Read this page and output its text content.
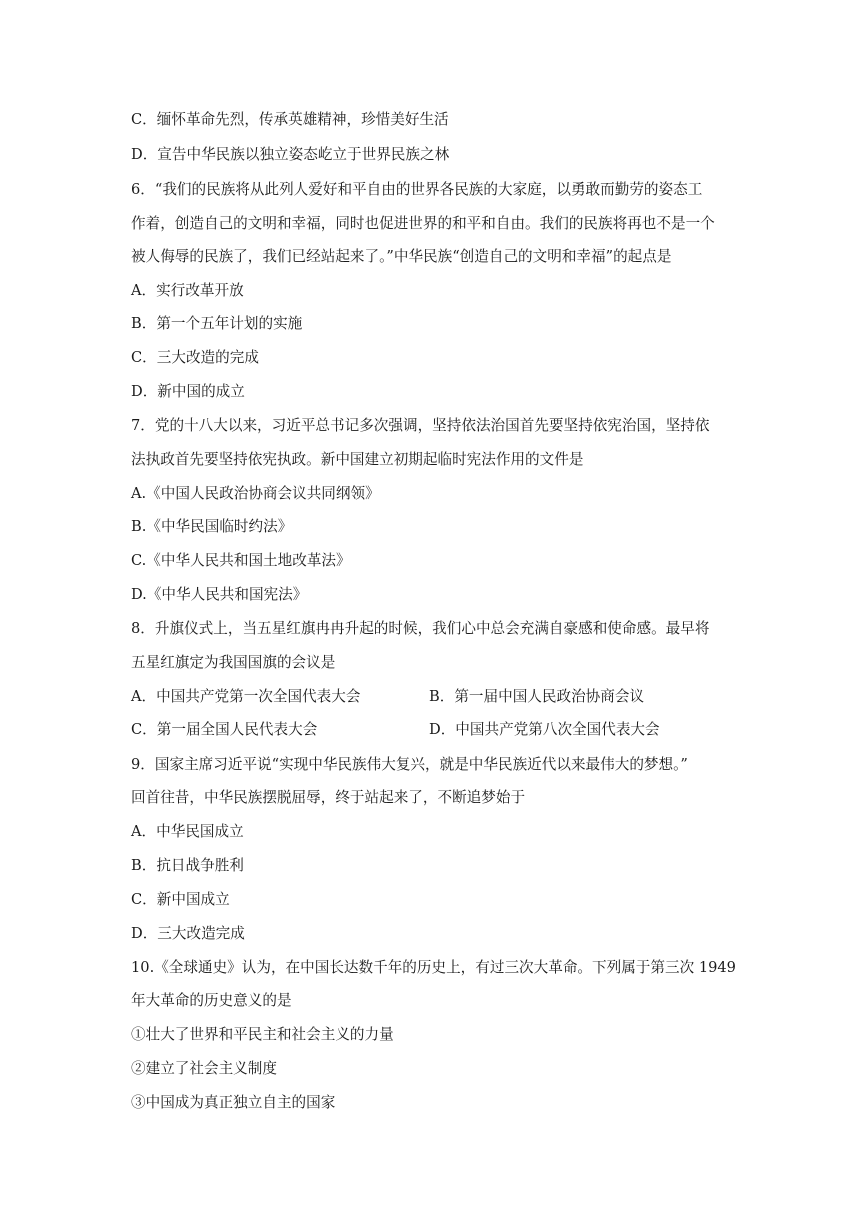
C．缅怀革命先烈，传承英雄精神，珍惜美好生活
D．宣告中华民族以独立姿态屹立于世界民族之林
6．“我们的民族将从此列人爱好和平自由的世界各民族的大家庭，以勇敢而勤劳的姿态工
作着，创造自己的文明和幸福，同时也促进世界的和平和自由。我们的民族将再也不是一个
被人侮辱的民族了，我们已经站起来了。”中华民族“创造自己的文明和幸福”的起点是
A．实行改革开放
B．第一个五年计划的实施
C．三大改造的完成
D．新中国的成立
7．党的十八大以来，习近平总书记多次强调，坚持依法治国首先要坚持依宪治国，坚持依
法执政首先要坚持依宪执政。新中国建立初期起临时宪法作用的文件是
A.《中国人民政治协商会议共同纲领》
B.《中华民国临时约法》
C.《中华人民共和国土地改革法》
D.《中华人民共和国宪法》
8．升旗仪式上，当五星红旗冉冉升起的时候，我们心中总会充满自豪感和使命感。最早将
五星红旗定为我国国旗的会议是
A．中国共产党第一次全国代表大会	B．第一届中国人民政治协商会议
C．第一届全国人民代表大会	D．中国共产党第八次全国代表大会
9．国家主席习近平说“实现中华民族伟大复兴，就是中华民族近代以来最伟大的梦想。”
回首往昔，中华民族摆脱屈辱，终于站起来了，不断追梦始于
A．中华民国成立
B．抗日战争胜利
C．新中国成立
D．三大改造完成
10.《全球通史》认为，在中国长达数千年的历史上，有过三次大革命。下列属于第三次 1949
年大革命的历史意义的是
①壮大了世界和平民主和社会主义的力量
②建立了社会主义制度
③中国成为真正独立自主的国家
